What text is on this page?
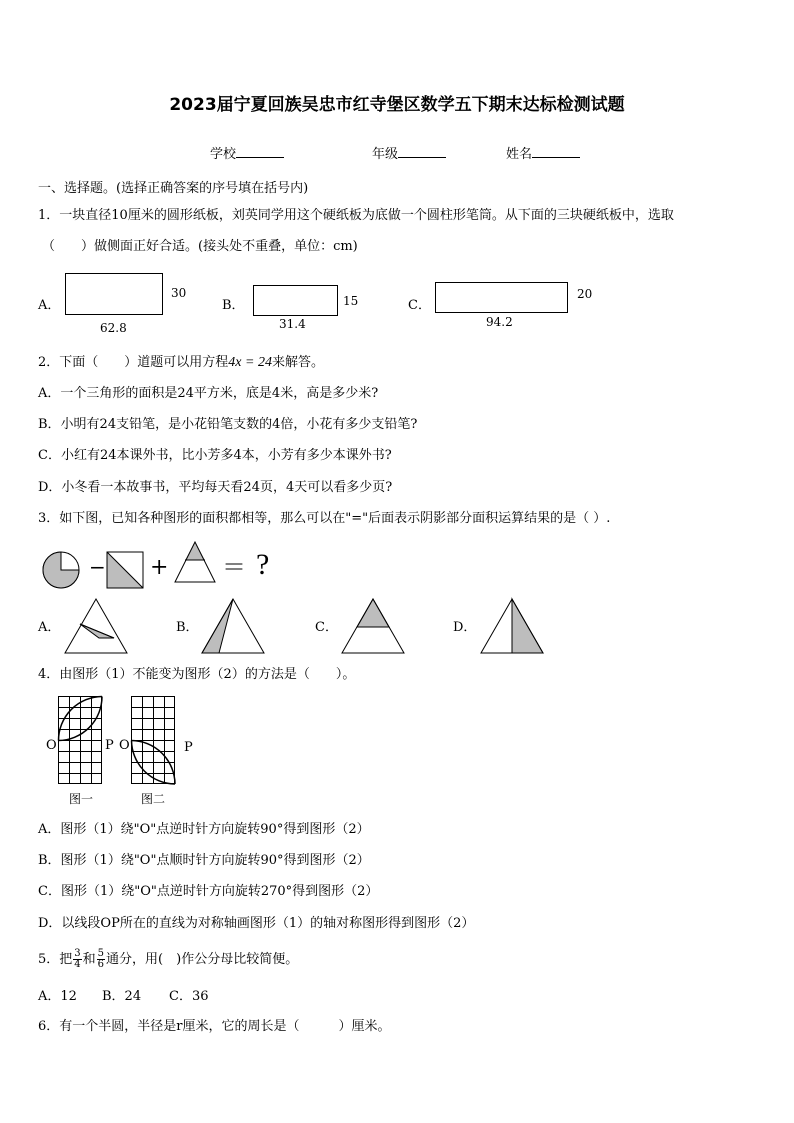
2023届宁夏回族吴忠市红寺堡区数学五下期末达标检测试题
学校	年级	姓名
一、选择题。(选择正确答案的序号填在括号内)
1．一块直径10厘米的圆形纸板，刘英同学用这个硬纸板为底做一个圆柱形笔筒。从下面的三块硬纸板中，选取
（　　）做侧面正好合适。(接头处不重叠，单位：cm)
A．
30
62.8
B．	15
31.4
C．
20
94.2
2．下面（　　）道题可以用方程4x = 24来解答。
A．一个三角形的面积是24平方米，底是4米，高是多少米?
B．小明有24支铅笔，是小花铅笔支数的4倍，小花有多少支铅笔?
C．小红有24本课外书，比小芳多4本，小芳有多少本课外书?
D．小冬看一本故事书，平均每天看24页，4天可以看多少页?
3．如下图，已知各种图形的面积都相等，那么可以在"="后面表示阴影部分面积运算结果的是（ ）.
− + ＝ ?
A．	B．	C．	D．
4．由图形（1）不能变为图形（2）的方法是（　　）。
O	P
图一
O	P
图二
A．图形（1）绕"O"点逆时针方向旋转90°得到图形（2）
B．图形（1）绕"O"点顺时针方向旋转90°得到图形（2）
C．图形（1）绕"O"点逆时针方向旋转270°得到图形（2）
D．以线段OP所在的直线为对称轴画图形（1）的轴对称图形得到图形（2）
5．把 $\frac{3}{4}$ 和 $\frac{5}{6}$ 通分，用(　)作公分母比较简便。
A．12 B．24 C．36
6．有一个半圆，半径是r厘米，它的周长是（　　　）厘米。
